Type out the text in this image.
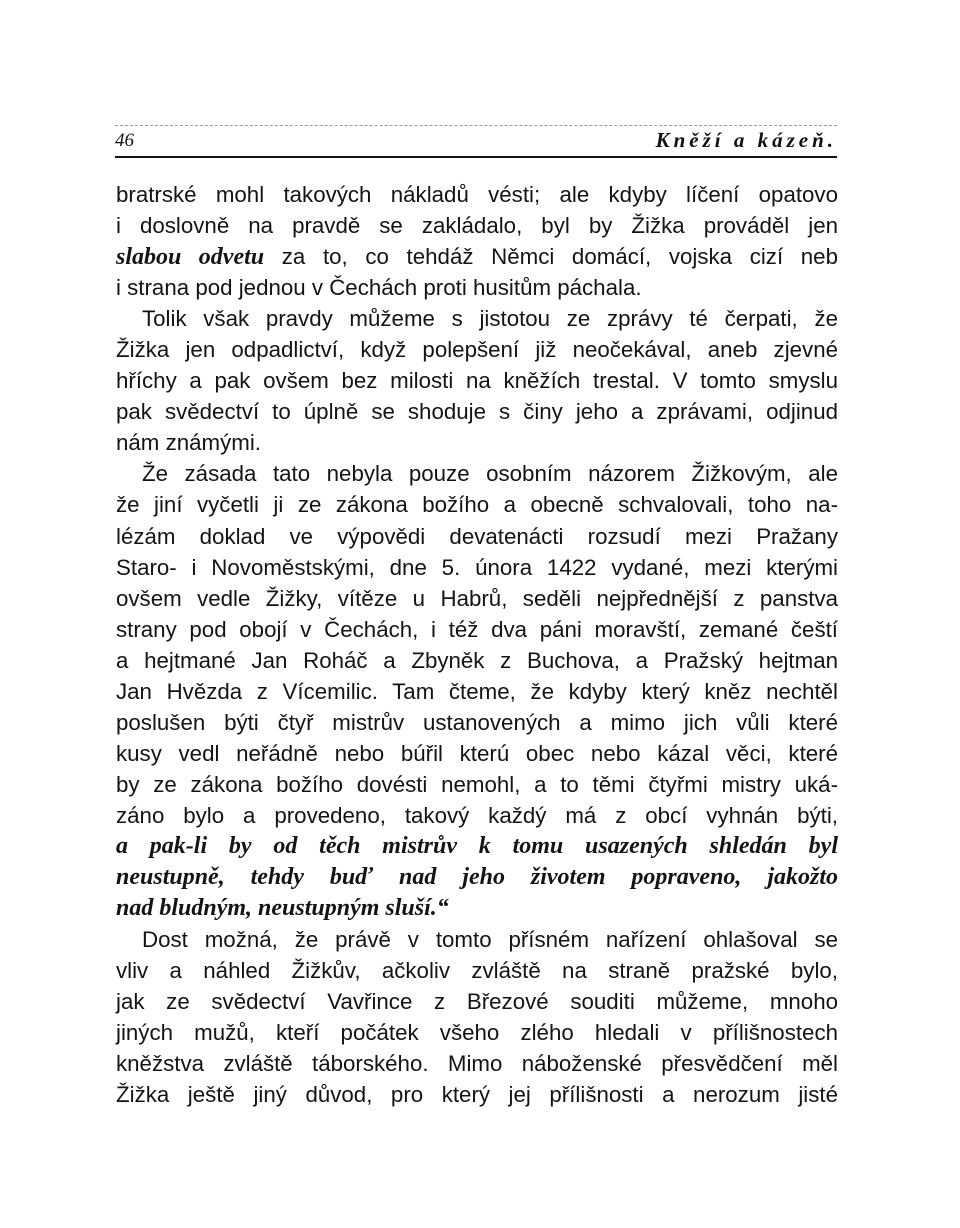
46	Kněží a kázeň.
bratrské mohl takových nákladů vésti; ale kdyby líčení opatovo
i doslovně na pravdě se zakládalo, byl by Žižka prováděl jen
slabou odvetu za to, co tehdáž Němci domácí, vojska cizí neb
i strana pod jednou v Čechách proti husitům páchala.
Tolik však pravdy můžeme s jistotou ze zprávy té čerpati, že
Žižka jen odpadlictví, když polepšení již neočekával, aneb zjevné
hříchy a pak ovšem bez milosti na kněžích trestal. V tomto smyslu
pak svědectví to úplně se shoduje s činy jeho a zprávami, odjinud
nám známými.
Že zásada tato nebyla pouze osobním názorem Žižkovým, ale
že jiní vyčetli ji ze zákona božího a obecně schvalovali, toho na-
lézám doklad ve výpovědi devatenácti rozsudí mezi Pražany
Staro- i Novoměstskými, dne 5. února 1422 vydané, mezi kterými
ovšem vedle Žižky, vítěze u Habrů, seděli nejpřednější z panstva
strany pod obojí v Čechách, i též dva páni moravští, zemané čeští
a hejtmané Jan Roháč a Zbyněk z Buchova, a Pražský hejtman
Jan Hvězda z Vícemilic. Tam čteme, že kdyby který kněz nechtěl
poslušen býti čtyř mistrův ustanovených a mimo jich vůli které
kusy vedl neřádně nebo búřil kterú obec nebo kázal věci, které
by ze zákona božího dovésti nemohl, a to těmi čtyřmi mistry uká-
záno bylo a provedeno, takový každý má z obcí vyhnán býti,
a pak-li by od těch mistrův k tomu usazených shledán byl
neustupně, tehdy buď nad jeho životem popraveno, jakožto
nad bludným, neustupným sluší.“
Dost možná, že právě v tomto přísném nařízení ohlašoval se
vliv a náhled Žižkův, ačkoliv zvláště na straně pražské bylo,
jak ze svědectví Vavřince z Březové souditi můžeme, mnoho
jiných mužů, kteří počátek všeho zlého hledali v přílišnostech
kněžstva zvláště táborského. Mimo náboženské přesvědčení měl
Žižka ještě jiný důvod, pro který jej přílišnosti a nerozum jisté
